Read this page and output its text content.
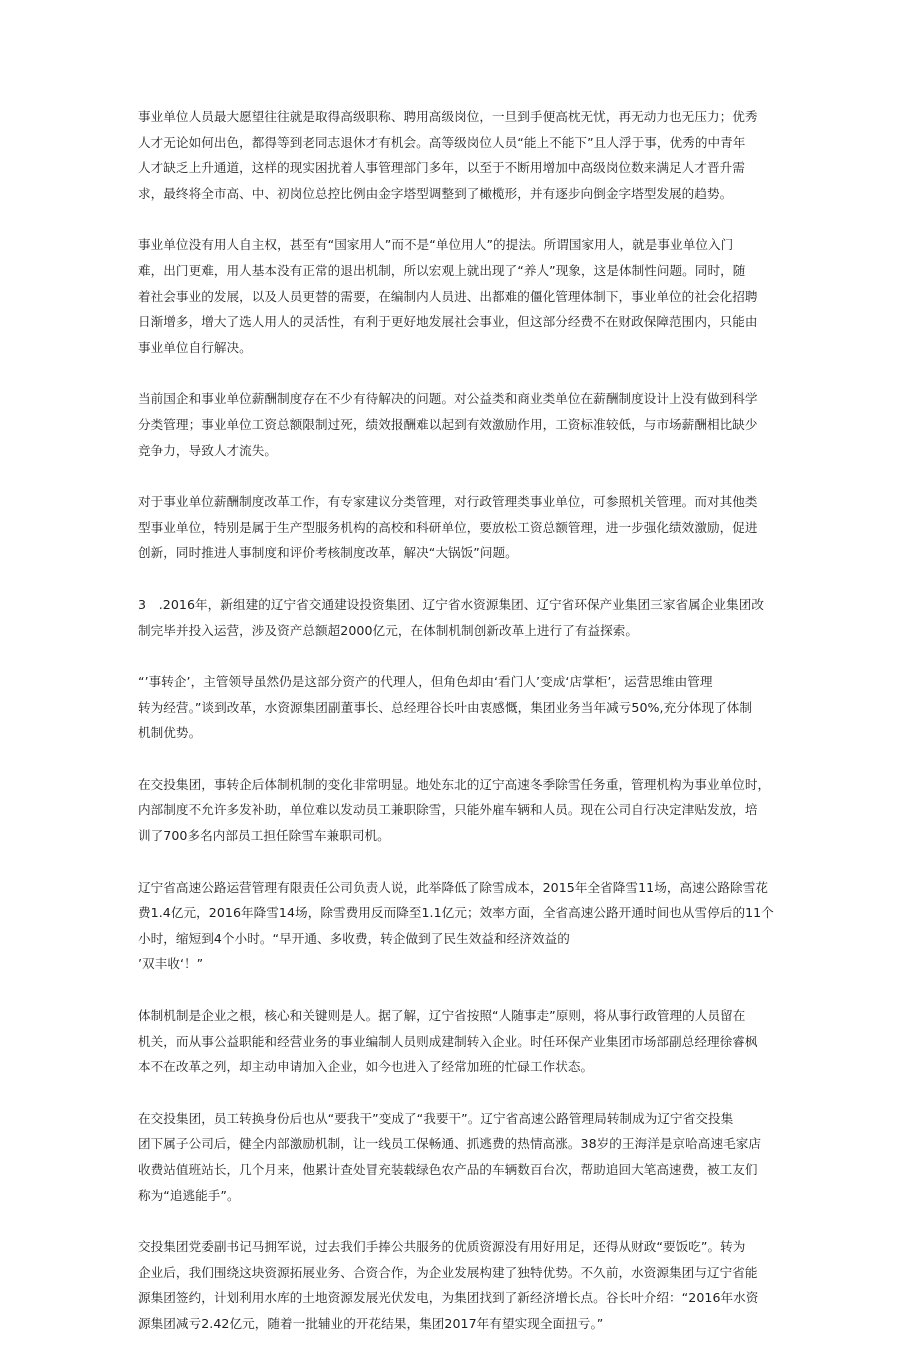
事业单位人员最大愿望往往就是取得高级职称、聘用高级岗位，一旦到手便高枕无忧，再无动力也无压力；优秀
人才无论如何出色，都得等到老同志退休才有机会。高等级岗位人员“能上不能下”且人浮于事，优秀的中青年
人才缺乏上升通道，这样的现实困扰着人事管理部门多年，以至于不断用增加中高级岗位数来满足人才晋升需
求，最终将全市高、中、初岗位总控比例由金字塔型调整到了橄榄形，并有逐步向倒金字塔型发展的趋势。

事业单位没有用人自主权，甚至有“国家用人”而不是“单位用人”的提法。所谓国家用人，就是事业单位入门
难，出门更难，用人基本没有正常的退出机制，所以宏观上就出现了“养人”现象，这是体制性问题。同时，随
着社会事业的发展，以及人员更替的需要，在编制内人员进、出都难的僵化管理体制下，事业单位的社会化招聘
日渐增多，增大了选人用人的灵活性，有利于更好地发展社会事业，但这部分经费不在财政保障范围内，只能由
事业单位自行解决。

当前国企和事业单位薪酬制度存在不少有待解决的问题。对公益类和商业类单位在薪酬制度设计上没有做到科学
分类管理；事业单位工资总额限制过死，绩效报酬难以起到有效激励作用，工资标准较低，与市场薪酬相比缺少
竞争力，导致人才流失。

对于事业单位薪酬制度改革工作，有专家建议分类管理，对行政管理类事业单位，可参照机关管理。而对其他类
型事业单位，特别是属于生产型服务机构的高校和科研单位，要放松工资总额管理，进一步强化绩效激励，促进
创新，同时推进人事制度和评价考核制度改革，解决“大锅饭”问题。

3　.2016年，新组建的辽宁省交通建设投资集团、辽宁省水资源集团、辽宁省环保产业集团三家省属企业集团改
制完毕并投入运营，涉及资产总额超2000亿元，在体制机制创新改革上进行了有益探索。

“’事转企’，主管领导虽然仍是这部分资产的代理人，但角色却由‘看门人’变成‘店掌柜’，运营思维由管理
转为经营。”谈到改革，水资源集团副董事长、总经理谷长叶由衷感慨，集团业务当年减亏50%,充分体现了体制
机制优势。

在交投集团，事转企后体制机制的变化非常明显。地处东北的辽宁高速冬季除雪任务重，管理机构为事业单位时，
内部制度不允许多发补助，单位难以发动员工兼职除雪，只能外雇车辆和人员。现在公司自行决定津贴发放，培
训了700多名内部员工担任除雪车兼职司机。

辽宁省高速公路运营管理有限责任公司负责人说，此举降低了除雪成本，2015年全省降雪11场，高速公路除雪花
费1.4亿元，2016年降雪14场，除雪费用反而降至1.1亿元；效率方面，全省高速公路开通时间也从雪停后的11个
小时，缩短到4个小时。“早开通、多收费，转企做到了民生效益和经济效益的
’双丰收‘！”

体制机制是企业之根，核心和关键则是人。据了解，辽宁省按照“人随事走”原则，将从事行政管理的人员留在
机关，而从事公益职能和经营业务的事业编制人员则成建制转入企业。时任环保产业集团市场部副总经理徐睿枫
本不在改革之列，却主动申请加入企业，如今也进入了经常加班的忙碌工作状态。

在交投集团，员工转换身份后也从“要我干”变成了“我要干”。辽宁省高速公路管理局转制成为辽宁省交投集
团下属子公司后，健全内部激励机制，让一线员工保畅通、抓逃费的热情高涨。38岁的王海洋是京哈高速毛家店
收费站值班站长，几个月来，他累计查处冒充装载绿色农产品的车辆数百台次，帮助追回大笔高速费，被工友们
称为“追逃能手”。

交投集团党委副书记马拥军说，过去我们手捧公共服务的优质资源没有用好用足，还得从财政“要饭吃”。转为
企业后，我们围绕这块资源拓展业务、合资合作，为企业发展构建了独特优势。不久前，水资源集团与辽宁省能
源集团签约，计划利用水库的土地资源发展光伏发电，为集团找到了新经济增长点。谷长叶介绍：“2016年水资
源集团减亏2.42亿元，随着一批辅业的开花结果，集团2017年有望实现全面扭亏。”
